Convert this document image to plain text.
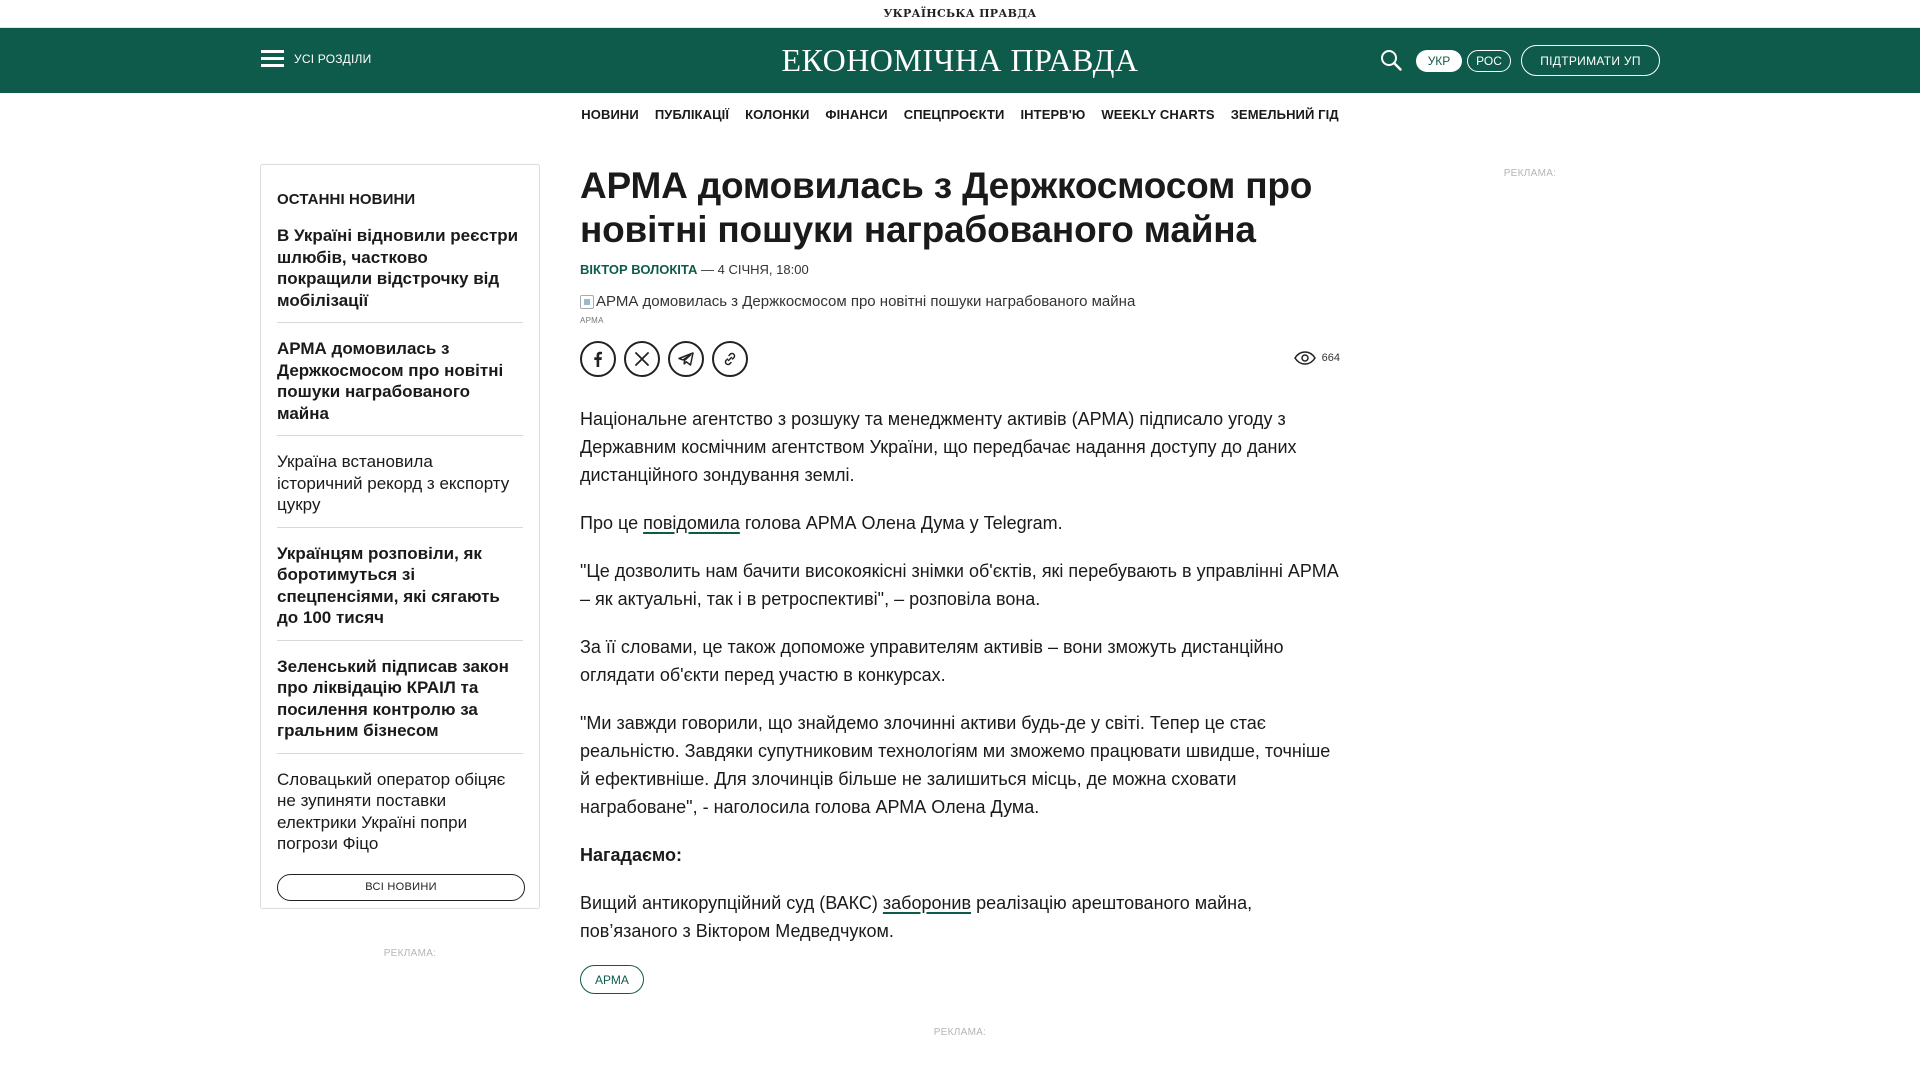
УКРАЇНСЬКА ПРАВДА
УСІ РОЗДІЛИ	ЕКОНОМІЧНА ПРАВДА	УКР	РОС	ПІДТРИМАТИ УП
НОВИНИ ПУБЛІКАЦІЇ КОЛОНКИ ФІНАНСИ СПЕЦПРОЄКТИ ІНТЕРВ'Ю WEEKLY CHARTS ЗЕМЕЛЬНИЙ ГІД
ОСТАННІ НОВИНИ
В Україні відновили реєстри шлюбів, частково покращили відстрочку від мобілізації
АРМА домовилась з Держкосмосом про новітні пошуки награбованого майна
Україна встановила історичний рекорд з експорту цукру
Українцям розповіли, як боротимуться зі спецпенсіями, які сягають до 100 тисяч
Зеленський підписав закон про ліквідацію КРАІЛ та посилення контролю за гральним бізнесом
Словацький оператор обіцяє не зупиняти поставки електрики Україні попри погрози Фіцо
ВСІ НОВИНИ
РЕКЛАМА:
РЕКЛАМА:
АРМА домовилась з Держкосмосом про новітні пошуки награбованого майна
ВІКТОР ВОЛОКІТА — 4 СІЧНЯ, 18:00
АРМА домовилась з Держкосмосом про новітні пошуки награбованого майна
АРМА
664

Національне агентство з розшуку та менеджменту активів (АРМА) підписало угоду з Державним космічним агентством України, що передбачає надання доступу до даних дистанційного зондування землі.

Про це повідомила голова АРМА Олена Дума у Telegram.

"Це дозволить нам бачити високоякісні знімки об'єктів, які перебувають в управлінні АРМА – як актуальні, так і в ретроспективі", – розповіла вона.

За її словами, це також допоможе управителям активів – вони зможуть дистанційно оглядати об'єкти перед участю в конкурсах.

"Ми завжди говорили, що знайдемо злочинні активи будь-де у світі. Тепер це стає реальністю. Завдяки супутниковим технологіям ми зможемо працювати швидше, точніше й ефективніше. Для злочинців більше не залишиться місць, де можна сховати награбоване", - наголосила голова АРМА Олена Дума.

Нагадаємо:

Вищий антикорупційний суд (ВАКС) заборонив реалізацію арештованого майна, пов’язаного з Віктором Медведчуком.

АРМА
РЕКЛАМА:
